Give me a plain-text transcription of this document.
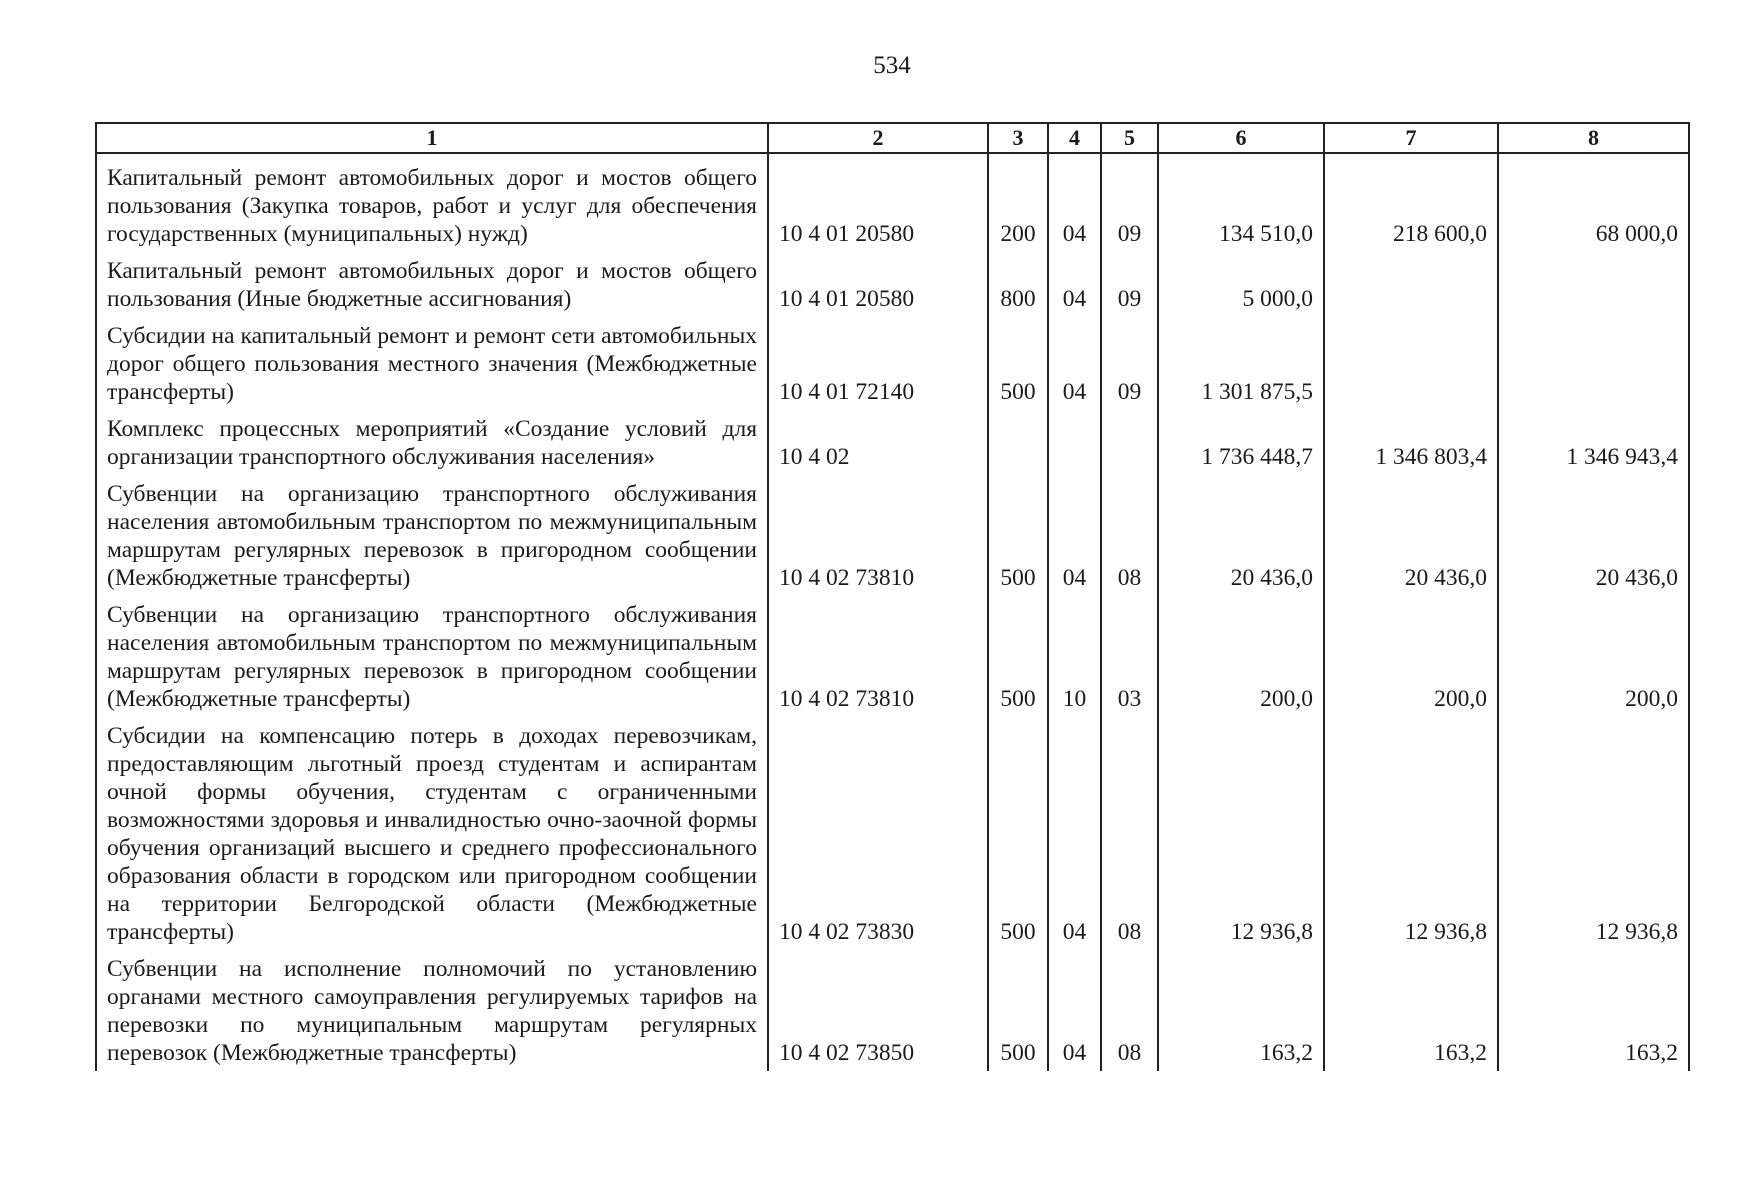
534
1	2	3	4	5	6	7	8
Капитальный ремонт автомобильных дорог и мостов общего пользования (Закупка товаров, работ и услуг для обеспечения государственных (муниципальных) нужд)	10 4 01 20580	200	04	09	134 510,0	218 600,0	68 000,0
Капитальный ремонт автомобильных дорог и мостов общего пользования (Иные бюджетные ассигнования)	10 4 01 20580	800	04	09	5 000,0		
Субсидии на капитальный ремонт и ремонт сети автомобильных дорог общего пользования местного значения (Межбюджетные трансферты)	10 4 01 72140	500	04	09	1 301 875,5		
Комплекс процессных мероприятий «Создание условий для организации транспортного обслуживания населения»	10 4 02				1 736 448,7	1 346 803,4	1 346 943,4
Субвенции на организацию транспортного обслуживания населения автомобильным транспортом по межмуниципальным маршрутам регулярных перевозок в пригородном сообщении (Межбюджетные трансферты)	10 4 02 73810	500	04	08	20 436,0	20 436,0	20 436,0
Субвенции на организацию транспортного обслуживания населения автомобильным транспортом по межмуниципальным маршрутам регулярных перевозок в пригородном сообщении (Межбюджетные трансферты)	10 4 02 73810	500	10	03	200,0	200,0	200,0
Субсидии на компенсацию потерь в доходах перевозчикам, предоставляющим льготный проезд студентам и аспирантам очной формы обучения, студентам с ограниченными возможностями здоровья и инвалидностью очно-заочной формы обучения организаций высшего и среднего профессионального образования области в городском или пригородном сообщении на территории Белгородской области (Межбюджетные трансферты)	10 4 02 73830	500	04	08	12 936,8	12 936,8	12 936,8
Субвенции на исполнение полномочий по установлению органами местного самоуправления регулируемых тарифов на перевозки по муниципальным маршрутам регулярных перевозок (Межбюджетные трансферты)	10 4 02 73850	500	04	08	163,2	163,2	163,2
